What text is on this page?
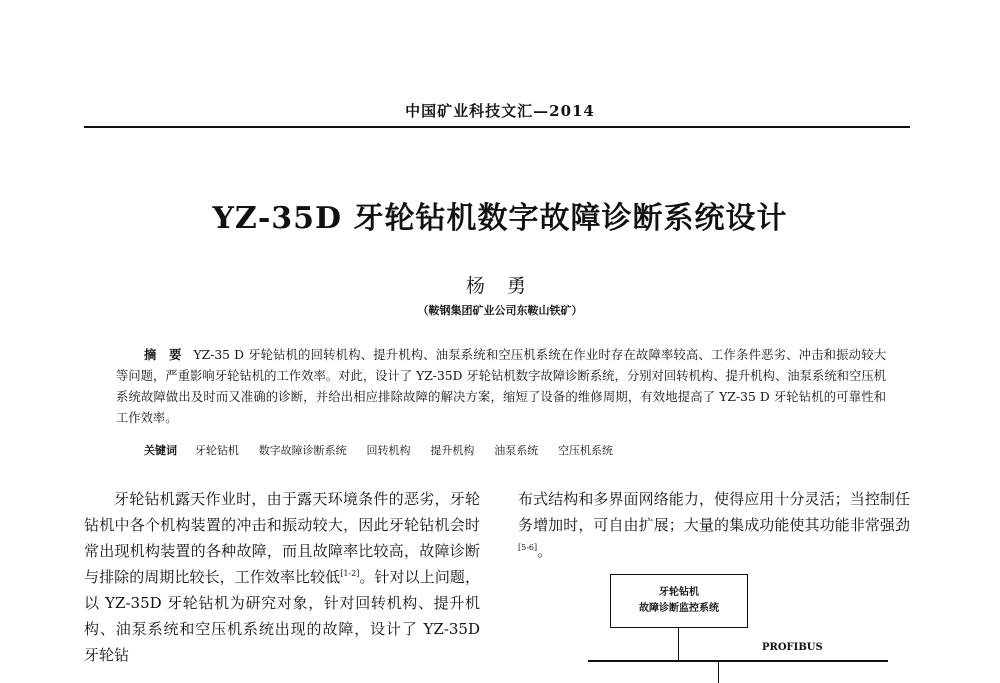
中国矿业科技文汇—2014
YZ-35D 牙轮钻机数字故障诊断系统设计
杨 勇
（鞍钢集团矿业公司东鞍山铁矿）
摘 要 YZ-35 D 牙轮钻机的回转机构、提升机构、油泵系统和空压机系统在作业时存在故障率较高、工作条件恶劣、冲击和振动较大等问题，严重影响牙轮钻机的工作效率。对此，设计了 YZ-35D 牙轮钻机数字故障诊断系统，分别对回转机构、提升机构、油泵系统和空压机系统故障做出及时而又准确的诊断，并给出相应排除故障的解决方案，缩短了设备的维修周期，有效地提高了 YZ-35 D 牙轮钻机的可靠性和工作效率。
关键词 牙轮钻机 数字故障诊断系统 回转机构 提升机构 油泵系统 空压机系统

牙轮钻机露天作业时，由于露天环境条件的恶劣，牙轮钻机中各个机构装置的冲击和振动较大，因此牙轮钻机会时常出现机构装置的各种故障，而且故障率比较高，故障诊断与排除的周期比较长，工作效率比较低[1-2]。针对以上问题，以 YZ-35D 牙轮钻机为研究对象，针对回转机构、提升机构、油泵系统和空压机系统出现的故障，设计了 YZ-35D 牙轮钻

布式结构和多界面网络能力，使得应用十分灵活；当控制任务增加时，可自由扩展；大量的集成功能使其功能非常强劲[5-6]。

牙轮钻机
故障诊断监控系统
PROFIBUS
